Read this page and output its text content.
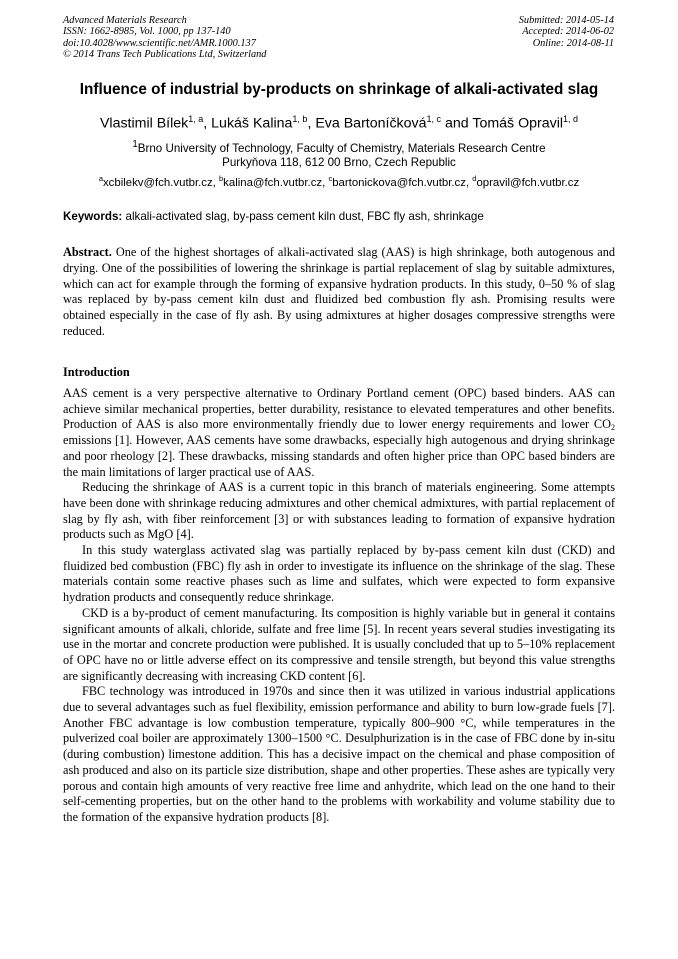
Advanced Materials Research
ISSN: 1662-8985, Vol. 1000, pp 137-140
doi:10.4028/www.scientific.net/AMR.1000.137
© 2014 Trans Tech Publications Ltd, Switzerland
Submitted: 2014-05-14
Accepted: 2014-06-02
Online: 2014-08-11
Influence of industrial by-products on shrinkage of alkali-activated slag
Vlastimil Bílek$^{1, a}$, Lukáš Kalina$^{1, b}$, Eva Bartoníčková$^{1, c}$ and Tomáš Opravil$^{1, d}$
$^1$Brno University of Technology, Faculty of Chemistry, Materials Research Centre
Purkyňova 118, 612 00 Brno, Czech Republic
$^a$xcbilekv@fch.vutbr.cz, $^b$kalina@fch.vutbr.cz, $^c$bartonickova@fch.vutbr.cz, $^d$opravil@fch.vutbr.cz
Keywords: alkali-activated slag, by-pass cement kiln dust, FBC fly ash, shrinkage
Abstract. One of the highest shortages of alkali-activated slag (AAS) is high shrinkage, both autogenous and drying. One of the possibilities of lowering the shrinkage is partial replacement of slag by suitable admixtures, which can act for example through the forming of expansive hydration products. In this study, 0–50 % of slag was replaced by by-pass cement kiln dust and fluidized bed combustion fly ash. Promising results were obtained especially in the case of fly ash. By using admixtures at higher dosages compressive strengths were reduced.
Introduction

AAS cement is a very perspective alternative to Ordinary Portland cement (OPC) based binders. AAS can achieve similar mechanical properties, better durability, resistance to elevated temperatures and other benefits. Production of AAS is also more environmentally friendly due to lower energy requirements and lower $CO_2$ emissions [1]. However, AAS cements have some drawbacks, especially high autogenous and drying shrinkage and poor rheology [2]. These drawbacks, missing standards and often higher price than OPC based binders are the main limitations of larger practical use of AAS.

Reducing the shrinkage of AAS is a current topic in this branch of materials engineering. Some attempts have been done with shrinkage reducing admixtures and other chemical admixtures, with partial replacement of slag by fly ash, with fiber reinforcement [3] or with substances leading to formation of expansive hydration products such as MgO [4].

In this study waterglass activated slag was partially replaced by by-pass cement kiln dust (CKD) and fluidized bed combustion (FBC) fly ash in order to investigate its influence on the shrinkage of the slag. These materials contain some reactive phases such as lime and sulfates, which were expected to form expansive hydration products and consequently reduce shrinkage.

CKD is a by-product of cement manufacturing. Its composition is highly variable but in general it contains significant amounts of alkali, chloride, sulfate and free lime [5]. In recent years several studies investigating its use in the mortar and concrete production were published. It is usually concluded that up to 5–10% replacement of OPC have no or little adverse effect on its compressive and tensile strength, but beyond this value strengths are significantly decreasing with increasing CKD content [6].

FBC technology was introduced in 1970s and since then it was utilized in various industrial applications due to several advantages such as fuel flexibility, emission performance and ability to burn low-grade fuels [7]. Another FBC advantage is low combustion temperature, typically 800–900 °C, while temperatures in the pulverized coal boiler are approximately 1300–1500 °C. Desulphurization is in the case of FBC done by in-situ (during combustion) limestone addition. This has a decisive impact on the chemical and phase composition of ash produced and also on its particle size distribution, shape and other properties. These ashes are typically very porous and contain high amounts of very reactive free lime and anhydrite, which lead on the one hand to their self-cementing properties, but on the other hand to the problems with workability and volume stability due to the formation of the expansive hydration products [8].
